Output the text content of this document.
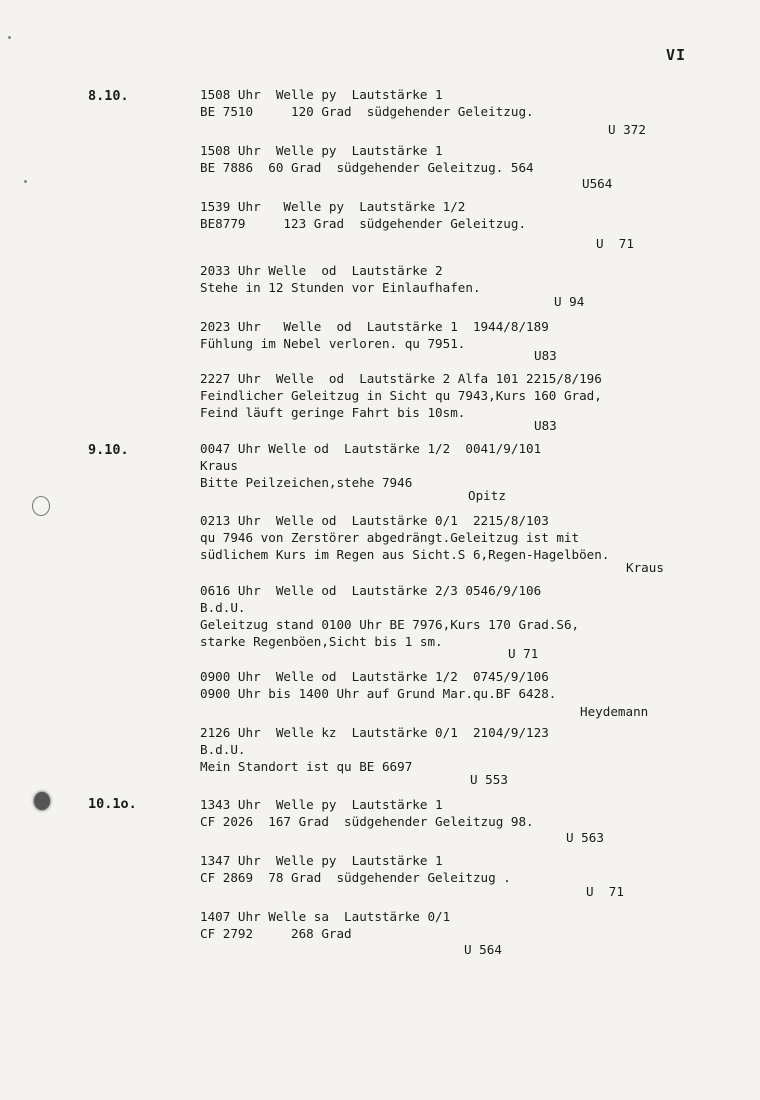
VI
8.10.
9.10.
10.1o.
1508 Uhr  Welle py  Lautstärke 1
BE 7510     120 Grad  südgehender Geleitzug.
U 372
1508 Uhr  Welle py  Lautstärke 1
BE 7886  60 Grad  südgehender Geleitzug. 564
U564
1539 Uhr   Welle py  Lautstärke 1/2
BE8779     123 Grad  südgehender Geleitzug.
U  71
2033 Uhr Welle  od  Lautstärke 2
Stehe in 12 Stunden vor Einlaufhafen.
U 94
2023 Uhr   Welle  od  Lautstärke 1  1944/8/189
Fühlung im Nebel verloren. qu 7951.
U83
2227 Uhr  Welle  od  Lautstärke 2 Alfa 101 2215/8/196
Feindlicher Geleitzug in Sicht qu 7943,Kurs 160 Grad,
Feind läuft geringe Fahrt bis 10sm.
U83
0047 Uhr Welle od  Lautstärke 1/2  0041/9/101
Kraus
Bitte Peilzeichen,stehe 7946
Opitz
0213 Uhr  Welle od  Lautstärke 0/1  2215/8/103
qu 7946 von Zerstörer abgedrängt.Geleitzug ist mit
südlichem Kurs im Regen aus Sicht.S 6,Regen-Hagelböen.
Kraus
0616 Uhr  Welle od  Lautstärke 2/3 0546/9/106
B.d.U.
Geleitzug stand 0100 Uhr BE 7976,Kurs 170 Grad.S6,
starke Regenböen,Sicht bis 1 sm.
U 71
0900 Uhr  Welle od  Lautstärke 1/2  0745/9/106
0900 Uhr bis 1400 Uhr auf Grund Mar.qu.BF 6428.
Heydemann
2126 Uhr  Welle kz  Lautstärke 0/1  2104/9/123
B.d.U.
Mein Standort ist qu BE 6697
U 553
1343 Uhr  Welle py  Lautstärke 1
CF 2026  167 Grad  südgehender Geleitzug 98.
U 563
1347 Uhr  Welle py  Lautstärke 1
CF 2869  78 Grad  südgehender Geleitzug .
U  71
1407 Uhr Welle sa  Lautstärke 0/1
CF 2792     268 Grad
U 564
